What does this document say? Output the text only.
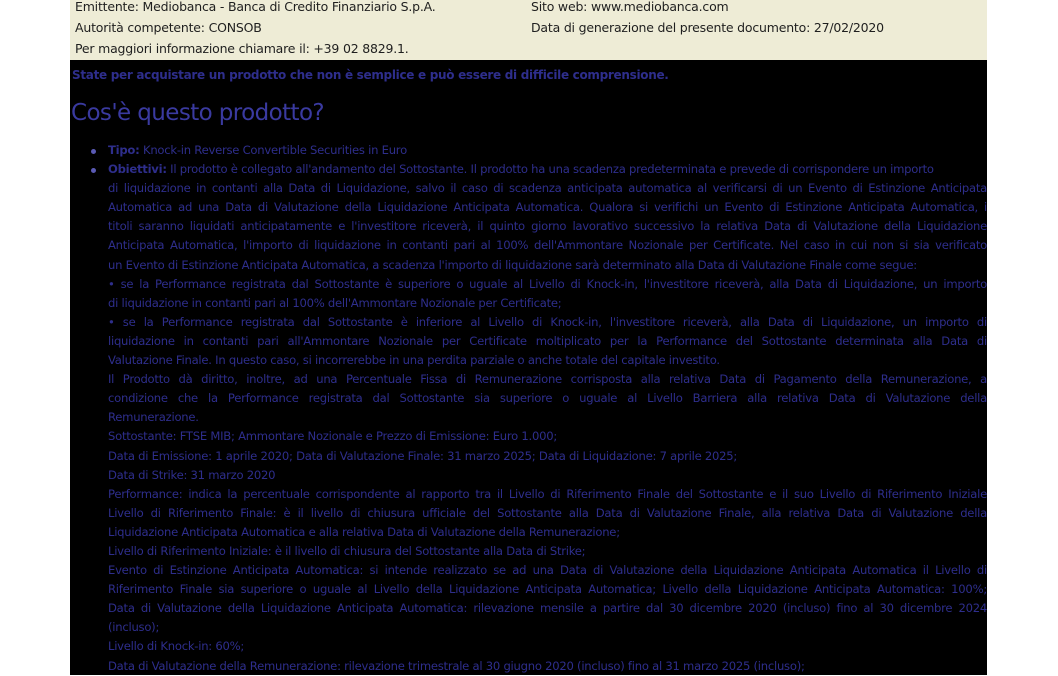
Emittente: Mediobanca - Banca di Credito Finanziario S.p.A.	Sito web: www.mediobanca.com
Autorità competente: CONSOB	Data di generazione del presente documento: 27/02/2020
Per maggiori informazione chiamare il: +39 02 8829.1.
State per acquistare un prodotto che non è semplice e può essere di difficile comprensione.
Cos'è questo prodotto?
Tipo: Knock-in Reverse Convertible Securities in Euro
Obiettivi: Il prodotto è collegato all'andamento del Sottostante. Il prodotto ha una scadenza predeterminata e prevede di corrispondere un importo
di liquidazione in contanti alla Data di Liquidazione, salvo il caso di scadenza anticipata automatica al verificarsi di un Evento di Estinzione Anticipata
Automatica ad una Data di Valutazione della Liquidazione Anticipata Automatica. Qualora si verifichi un Evento di Estinzione Anticipata Automatica, i
titoli saranno liquidati anticipatamente e l'investitore riceverà, il quinto giorno lavorativo successivo la relativa Data di Valutazione della Liquidazione
Anticipata Automatica, l'importo di liquidazione in contanti pari al 100% dell'Ammontare Nozionale per Certificate. Nel caso in cui non si sia verificato
un Evento di Estinzione Anticipata Automatica, a scadenza l'importo di liquidazione sarà determinato alla Data di Valutazione Finale come segue:
• se la Performance registrata dal Sottostante è superiore o uguale al Livello di Knock-in, l'investitore riceverà, alla Data di Liquidazione, un importo
di liquidazione in contanti pari al 100% dell'Ammontare Nozionale per Certificate;
• se la Performance registrata dal Sottostante è inferiore al Livello di Knock-in, l'investitore riceverà, alla Data di Liquidazione, un importo di
liquidazione in contanti pari all'Ammontare Nozionale per Certificate moltiplicato per la Performance del Sottostante determinata alla Data di
Valutazione Finale. In questo caso, si incorrerebbe in una perdita parziale o anche totale del capitale investito.
Il Prodotto dà diritto, inoltre, ad una Percentuale Fissa di Remunerazione corrisposta alla relativa Data di Pagamento della Remunerazione, a
condizione che la Performance registrata dal Sottostante sia superiore o uguale al Livello Barriera alla relativa Data di Valutazione della
Remunerazione.
Sottostante: FTSE MIB; Ammontare Nozionale e Prezzo di Emissione: Euro 1.000;
Data di Emissione: 1 aprile 2020; Data di Valutazione Finale: 31 marzo 2025; Data di Liquidazione: 7 aprile 2025;
Data di Strike: 31 marzo 2020
Performance: indica la percentuale corrispondente al rapporto tra il Livello di Riferimento Finale del Sottostante e il suo Livello di Riferimento Iniziale
Livello di Riferimento Finale: è il livello di chiusura ufficiale del Sottostante alla Data di Valutazione Finale, alla relativa Data di Valutazione della
Liquidazione Anticipata Automatica e alla relativa Data di Valutazione della Remunerazione;
Livello di Riferimento Iniziale: è il livello di chiusura del Sottostante alla Data di Strike;
Evento di Estinzione Anticipata Automatica: si intende realizzato se ad una Data di Valutazione della Liquidazione Anticipata Automatica il Livello di
Riferimento Finale sia superiore o uguale al Livello della Liquidazione Anticipata Automatica; Livello della Liquidazione Anticipata Automatica: 100%;
Data di Valutazione della Liquidazione Anticipata Automatica: rilevazione mensile a partire dal 30 dicembre 2020 (incluso) fino al 30 dicembre 2024
(incluso);
Livello di Knock-in: 60%;
Data di Valutazione della Remunerazione: rilevazione trimestrale al 30 giugno 2020 (incluso) fino al 31 marzo 2025 (incluso);
